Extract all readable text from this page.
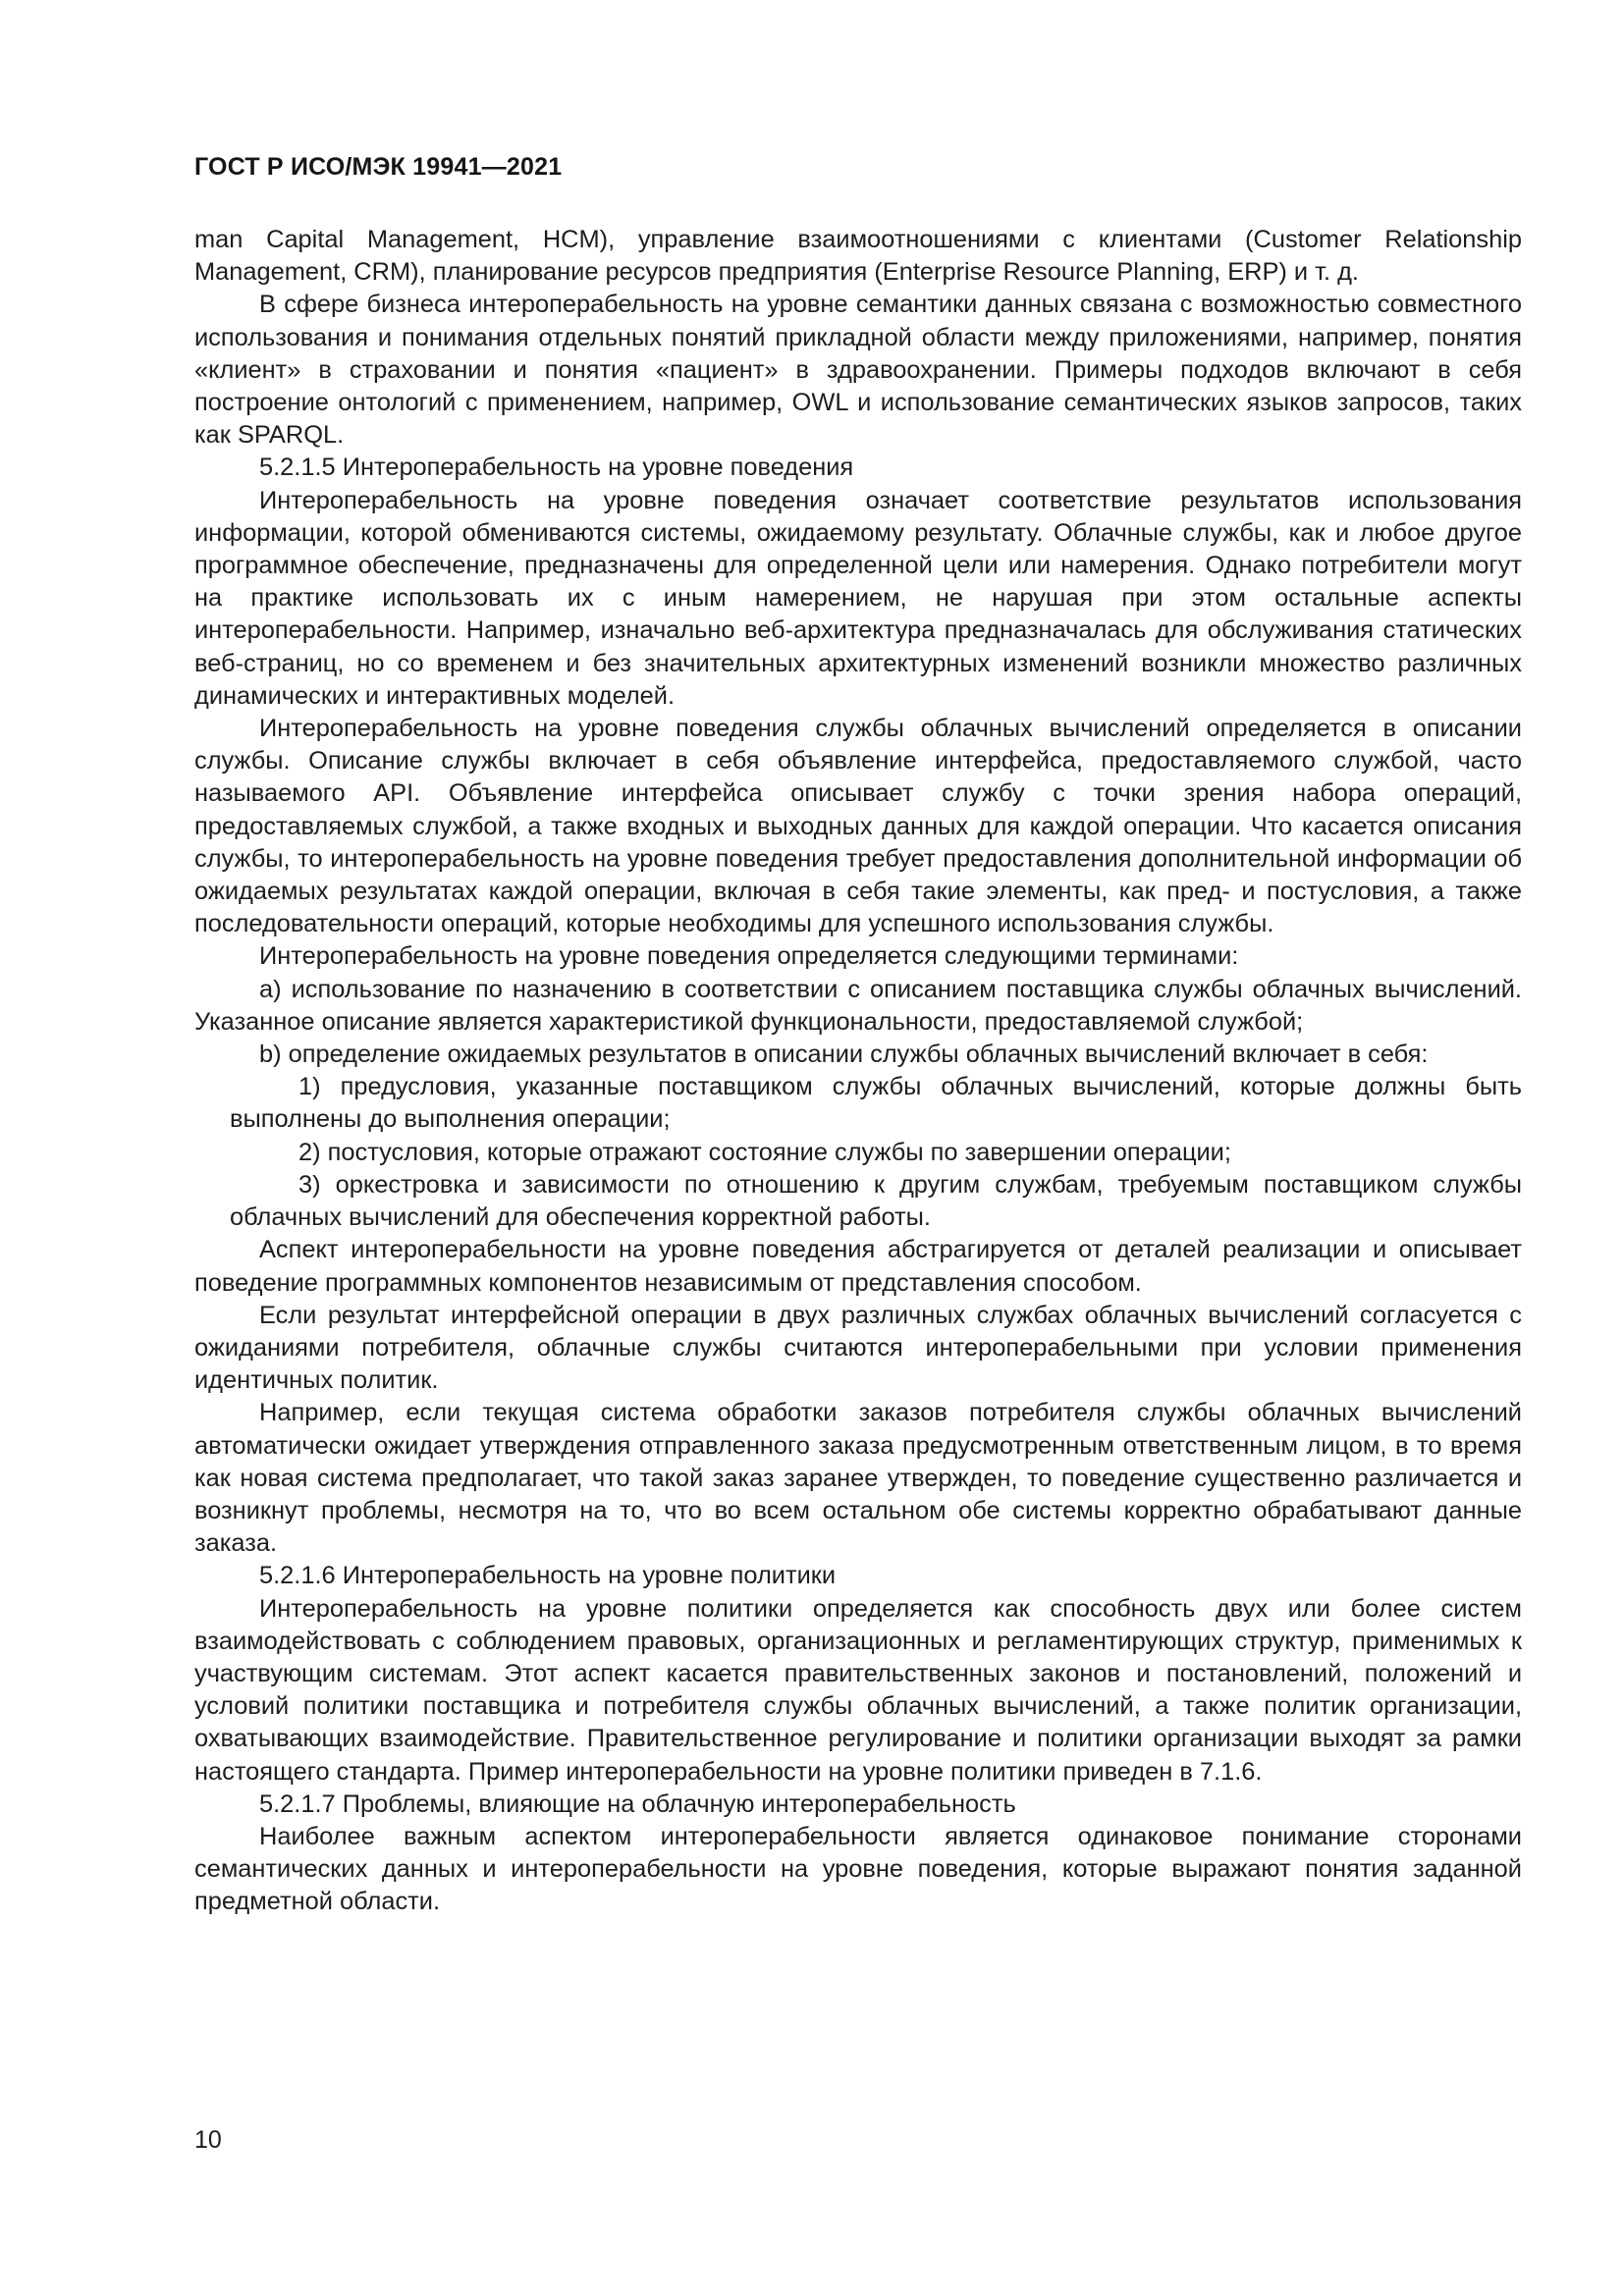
ГОСТ Р ИСО/МЭК 19941—2021

man Capital Management, HCM), управление взаимоотношениями с клиентами (Customer Relationship Management, CRM), планирование ресурсов предприятия (Enterprise Resource Planning, ERP) и т. д.

В сфере бизнеса интероперабельность на уровне семантики данных связана с возможностью совместного использования и понимания отдельных понятий прикладной области между приложениями, например, понятия «клиент» в страховании и понятия «пациент» в здравоохранении. Примеры подходов включают в себя построение онтологий с применением, например, OWL и использование семантических языков запросов, таких как SPARQL.

5.2.1.5 Интероперабельность на уровне поведения

Интероперабельность на уровне поведения означает соответствие результатов использования информации, которой обмениваются системы, ожидаемому результату. Облачные службы, как и любое другое программное обеспечение, предназначены для определенной цели или намерения. Однако потребители могут на практике использовать их с иным намерением, не нарушая при этом остальные аспекты интероперабельности. Например, изначально веб-архитектура предназначалась для обслуживания статических веб-страниц, но со временем и без значительных архитектурных изменений возникли множество различных динамических и интерактивных моделей.

Интероперабельность на уровне поведения службы облачных вычислений определяется в описании службы. Описание службы включает в себя объявление интерфейса, предоставляемого службой, часто называемого API. Объявление интерфейса описывает службу с точки зрения набора операций, предоставляемых службой, а также входных и выходных данных для каждой операции. Что касается описания службы, то интероперабельность на уровне поведения требует предоставления дополнительной информации об ожидаемых результатах каждой операции, включая в себя такие элементы, как пред- и постусловия, а также последовательности операций, которые необходимы для успешного использования службы.

Интероперабельность на уровне поведения определяется следующими терминами:

а) использование по назначению в соответствии с описанием поставщика службы облачных вычислений. Указанное описание является характеристикой функциональности, предоставляемой службой;

b) определение ожидаемых результатов в описании службы облачных вычислений включает в себя:

1) предусловия, указанные поставщиком службы облачных вычислений, которые должны быть выполнены до выполнения операции;

2) постусловия, которые отражают состояние службы по завершении операции;

3) оркестровка и зависимости по отношению к другим службам, требуемым поставщиком службы облачных вычислений для обеспечения корректной работы.

Аспект интероперабельности на уровне поведения абстрагируется от деталей реализации и описывает поведение программных компонентов независимым от представления способом.

Если результат интерфейсной операции в двух различных службах облачных вычислений согласуется с ожиданиями потребителя, облачные службы считаются интероперабельными при условии применения идентичных политик.

Например, если текущая система обработки заказов потребителя службы облачных вычислений автоматически ожидает утверждения отправленного заказа предусмотренным ответственным лицом, в то время как новая система предполагает, что такой заказ заранее утвержден, то поведение существенно различается и возникнут проблемы, несмотря на то, что во всем остальном обе системы корректно обрабатывают данные заказа.

5.2.1.6 Интероперабельность на уровне политики

Интероперабельность на уровне политики определяется как способность двух или более систем взаимодействовать с соблюдением правовых, организационных и регламентирующих структур, применимых к участвующим системам. Этот аспект касается правительственных законов и постановлений, положений и условий политики поставщика и потребителя службы облачных вычислений, а также политик организации, охватывающих взаимодействие. Правительственное регулирование и политики организации выходят за рамки настоящего стандарта. Пример интероперабельности на уровне политики приведен в 7.1.6.

5.2.1.7 Проблемы, влияющие на облачную интероперабельность

Наиболее важным аспектом интероперабельности является одинаковое понимание сторонами семантических данных и интероперабельности на уровне поведения, которые выражают понятия заданной предметной области.

10
